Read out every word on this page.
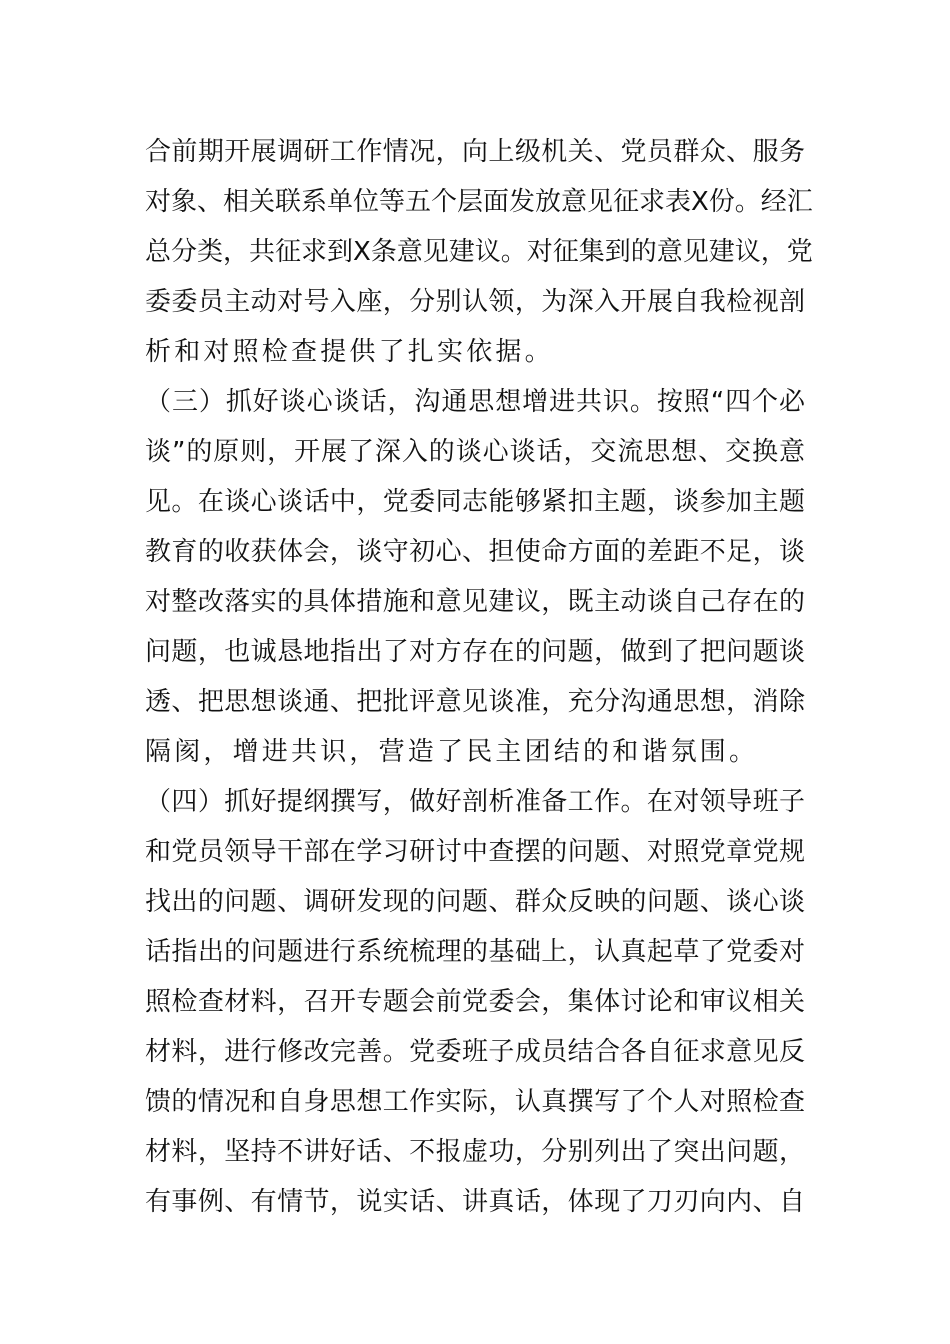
合前期开展调研工作情况，向上级机关、党员群众、服务
对象、相关联系单位等五个层面发放意见征求表X份。经汇
总分类，共征求到X条意见建议。对征集到的意见建议，党
委委员主动对号入座，分别认领，为深入开展自我检视剖
析和对照检查提供了扎实依据。
（三）抓好谈心谈话，沟通思想增进共识。按照“四个必
谈”的原则，开展了深入的谈心谈话，交流思想、交换意
见。在谈心谈话中，党委同志能够紧扣主题，谈参加主题
教育的收获体会，谈守初心、担使命方面的差距不足，谈
对整改落实的具体措施和意见建议，既主动谈自己存在的
问题，也诚恳地指出了对方存在的问题，做到了把问题谈
透、把思想谈通、把批评意见谈准，充分沟通思想，消除
隔阂，增进共识，营造了民主团结的和谐氛围。
（四）抓好提纲撰写，做好剖析准备工作。在对领导班子
和党员领导干部在学习研讨中查摆的问题、对照党章党规
找出的问题、调研发现的问题、群众反映的问题、谈心谈
话指出的问题进行系统梳理的基础上，认真起草了党委对
照检查材料，召开专题会前党委会，集体讨论和审议相关
材料，进行修改完善。党委班子成员结合各自征求意见反
馈的情况和自身思想工作实际，认真撰写了个人对照检查
材料，坚持不讲好话、不报虚功，分别列出了突出问题，
有事例、有情节，说实话、讲真话，体现了刀刃向内、自
